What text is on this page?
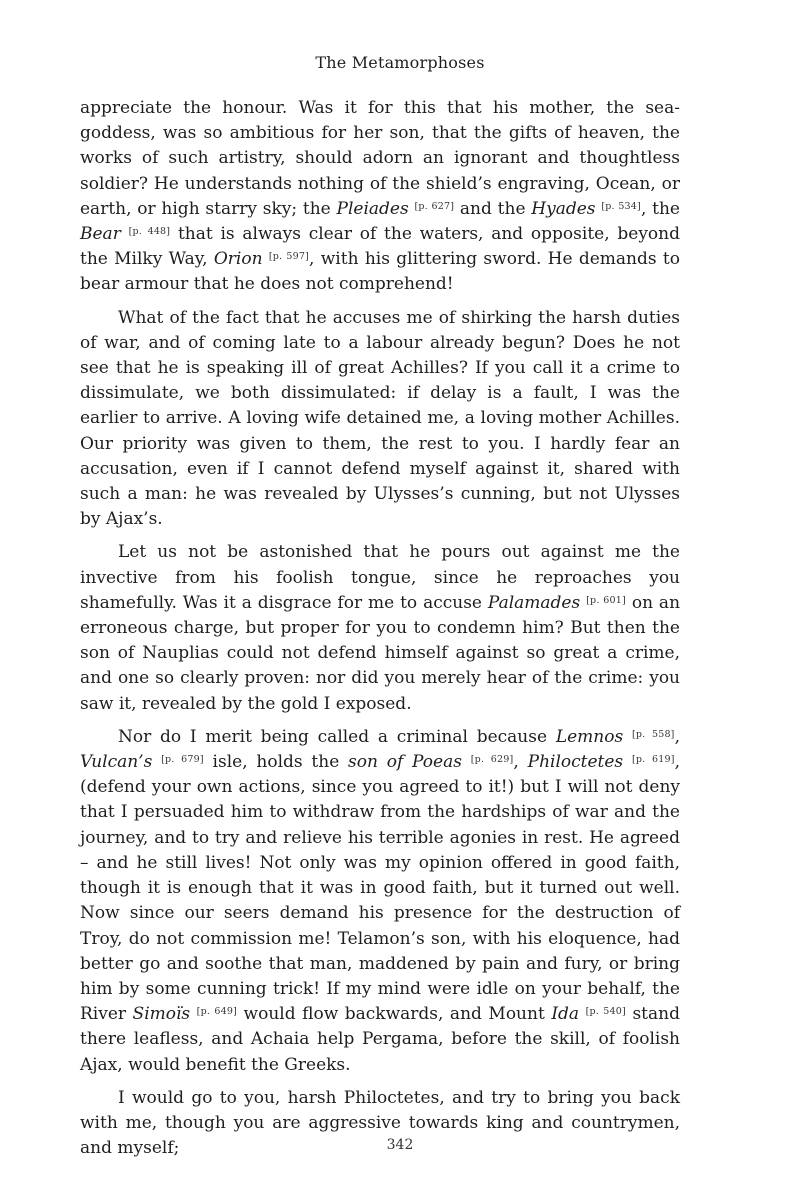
The Metamorphoses

appreciate the honour. Was it for this that his mother, the sea-goddess, was so ambitious for her son, that the gifts of heaven, the works of such artistry, should adorn an ignorant and thoughtless soldier? He understands nothing of the shield’s engraving, Ocean, or earth, or high starry sky; the Pleiades [p. 627] and the Hyades [p. 534], the Bear [p. 448] that is always clear of the waters, and opposite, beyond the Milky Way, Orion [p. 597], with his glittering sword. He demands to bear armour that he does not comprehend!

What of the fact that he accuses me of shirking the harsh duties of war, and of coming late to a labour already begun? Does he not see that he is speaking ill of great Achilles? If you call it a crime to dissimulate, we both dissimulated: if delay is a fault, I was the earlier to arrive. A loving wife detained me, a loving mother Achilles. Our priority was given to them, the rest to you. I hardly fear an accusation, even if I cannot defend myself against it, shared with such a man: he was revealed by Ulysses’s cunning, but not Ulysses by Ajax’s.

Let us not be astonished that he pours out against me the invective from his foolish tongue, since he reproaches you shamefully. Was it a disgrace for me to accuse Palamades [p. 601] on an erroneous charge, but proper for you to condemn him? But then the son of Nauplias could not defend himself against so great a crime, and one so clearly proven: nor did you merely hear of the crime: you saw it, revealed by the gold I exposed.

Nor do I merit being called a criminal because Lemnos [p. 558], Vulcan’s [p. 679] isle, holds the son of Poeas [p. 629], Philoctetes [p. 619], (defend your own actions, since you agreed to it!) but I will not deny that I persuaded him to withdraw from the hardships of war and the journey, and to try and relieve his terrible agonies in rest. He agreed – and he still lives! Not only was my opinion offered in good faith, though it is enough that it was in good faith, but it turned out well. Now since our seers demand his presence for the destruction of Troy, do not commission me! Telamon’s son, with his eloquence, had better go and soothe that man, maddened by pain and fury, or bring him by some cunning trick! If my mind were idle on your behalf, the River Simoïs [p. 649] would flow backwards, and Mount Ida [p. 540] stand there leafless, and Achaia help Pergama, before the skill, of foolish Ajax, would benefit the Greeks.

I would go to you, harsh Philoctetes, and try to bring you back with me, though you are aggressive towards king and countrymen, and myself;	342
